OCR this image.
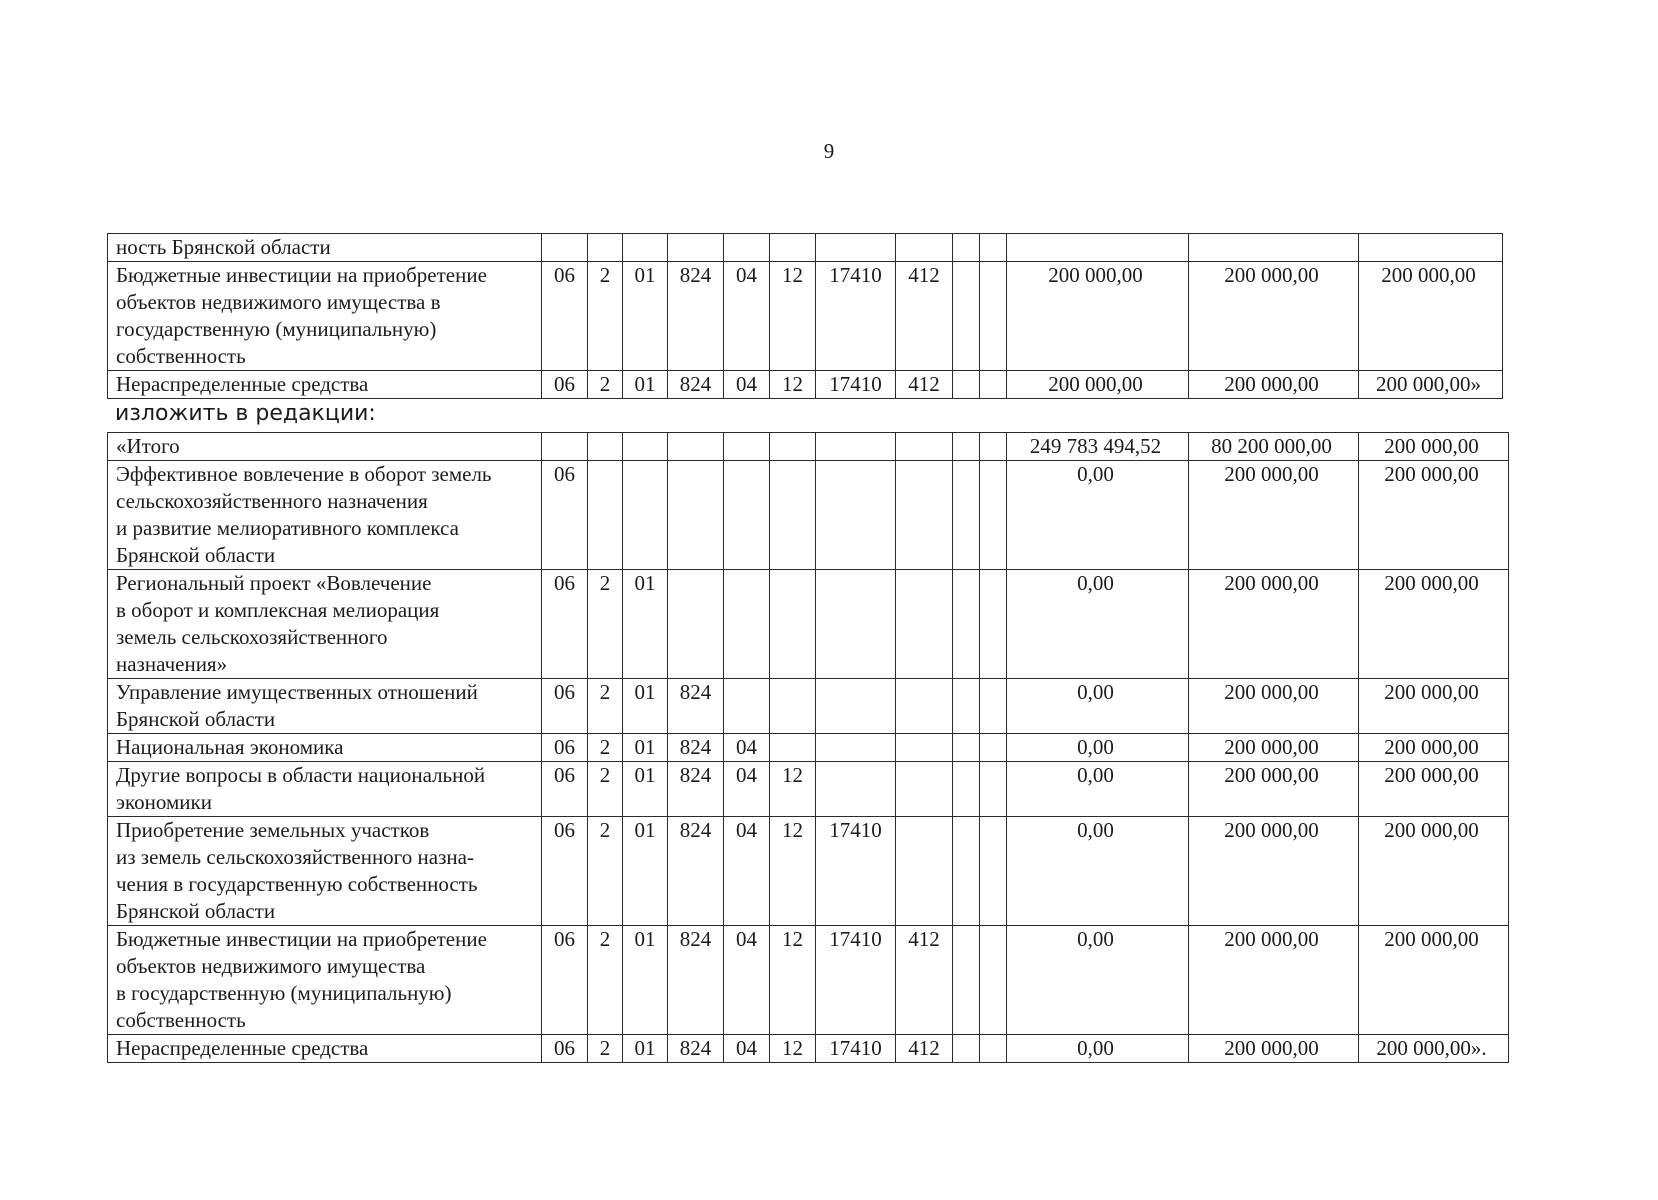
9
ность Брянской области													

Бюджетные инвестиции на приобретение
объектов недвижимого имущества в
государственную (муниципальную)
собственность	06	2	01	824	04	12	17410	412			200 000,00	200 000,00	200 000,00

Нераспределенные средства	06	2	01	824	04	12	17410	412			200 000,00	200 000,00	200 000,00»
изложить в редакции:
«Итого											249 783 494,52	80 200 000,00	200 000,00

Эффективное вовлечение в оборот земель
сельскохозяйственного назначения
и развитие мелиоративного комплекса
Брянской области	06										0,00	200 000,00	200 000,00

Региональный проект «Вовлечение
в оборот и комплексная мелиорация
земель сельскохозяйственного
назначения»	06	2	01								0,00	200 000,00	200 000,00

Управление имущественных отношений
Брянской области	06	2	01	824							0,00	200 000,00	200 000,00

Национальная экономика	06	2	01	824	04						0,00	200 000,00	200 000,00

Другие вопросы в области национальной
экономики	06	2	01	824	04	12					0,00	200 000,00	200 000,00

Приобретение земельных участков
из земель сельскохозяйственного назна-
чения в государственную собственность
Брянской области	06	2	01	824	04	12	17410				0,00	200 000,00	200 000,00

Бюджетные инвестиции на приобретение
объектов недвижимого имущества
в государственную (муниципальную)
собственность	06	2	01	824	04	12	17410	412			0,00	200 000,00	200 000,00

Нераспределенные средства	06	2	01	824	04	12	17410	412			0,00	200 000,00	200 000,00».
